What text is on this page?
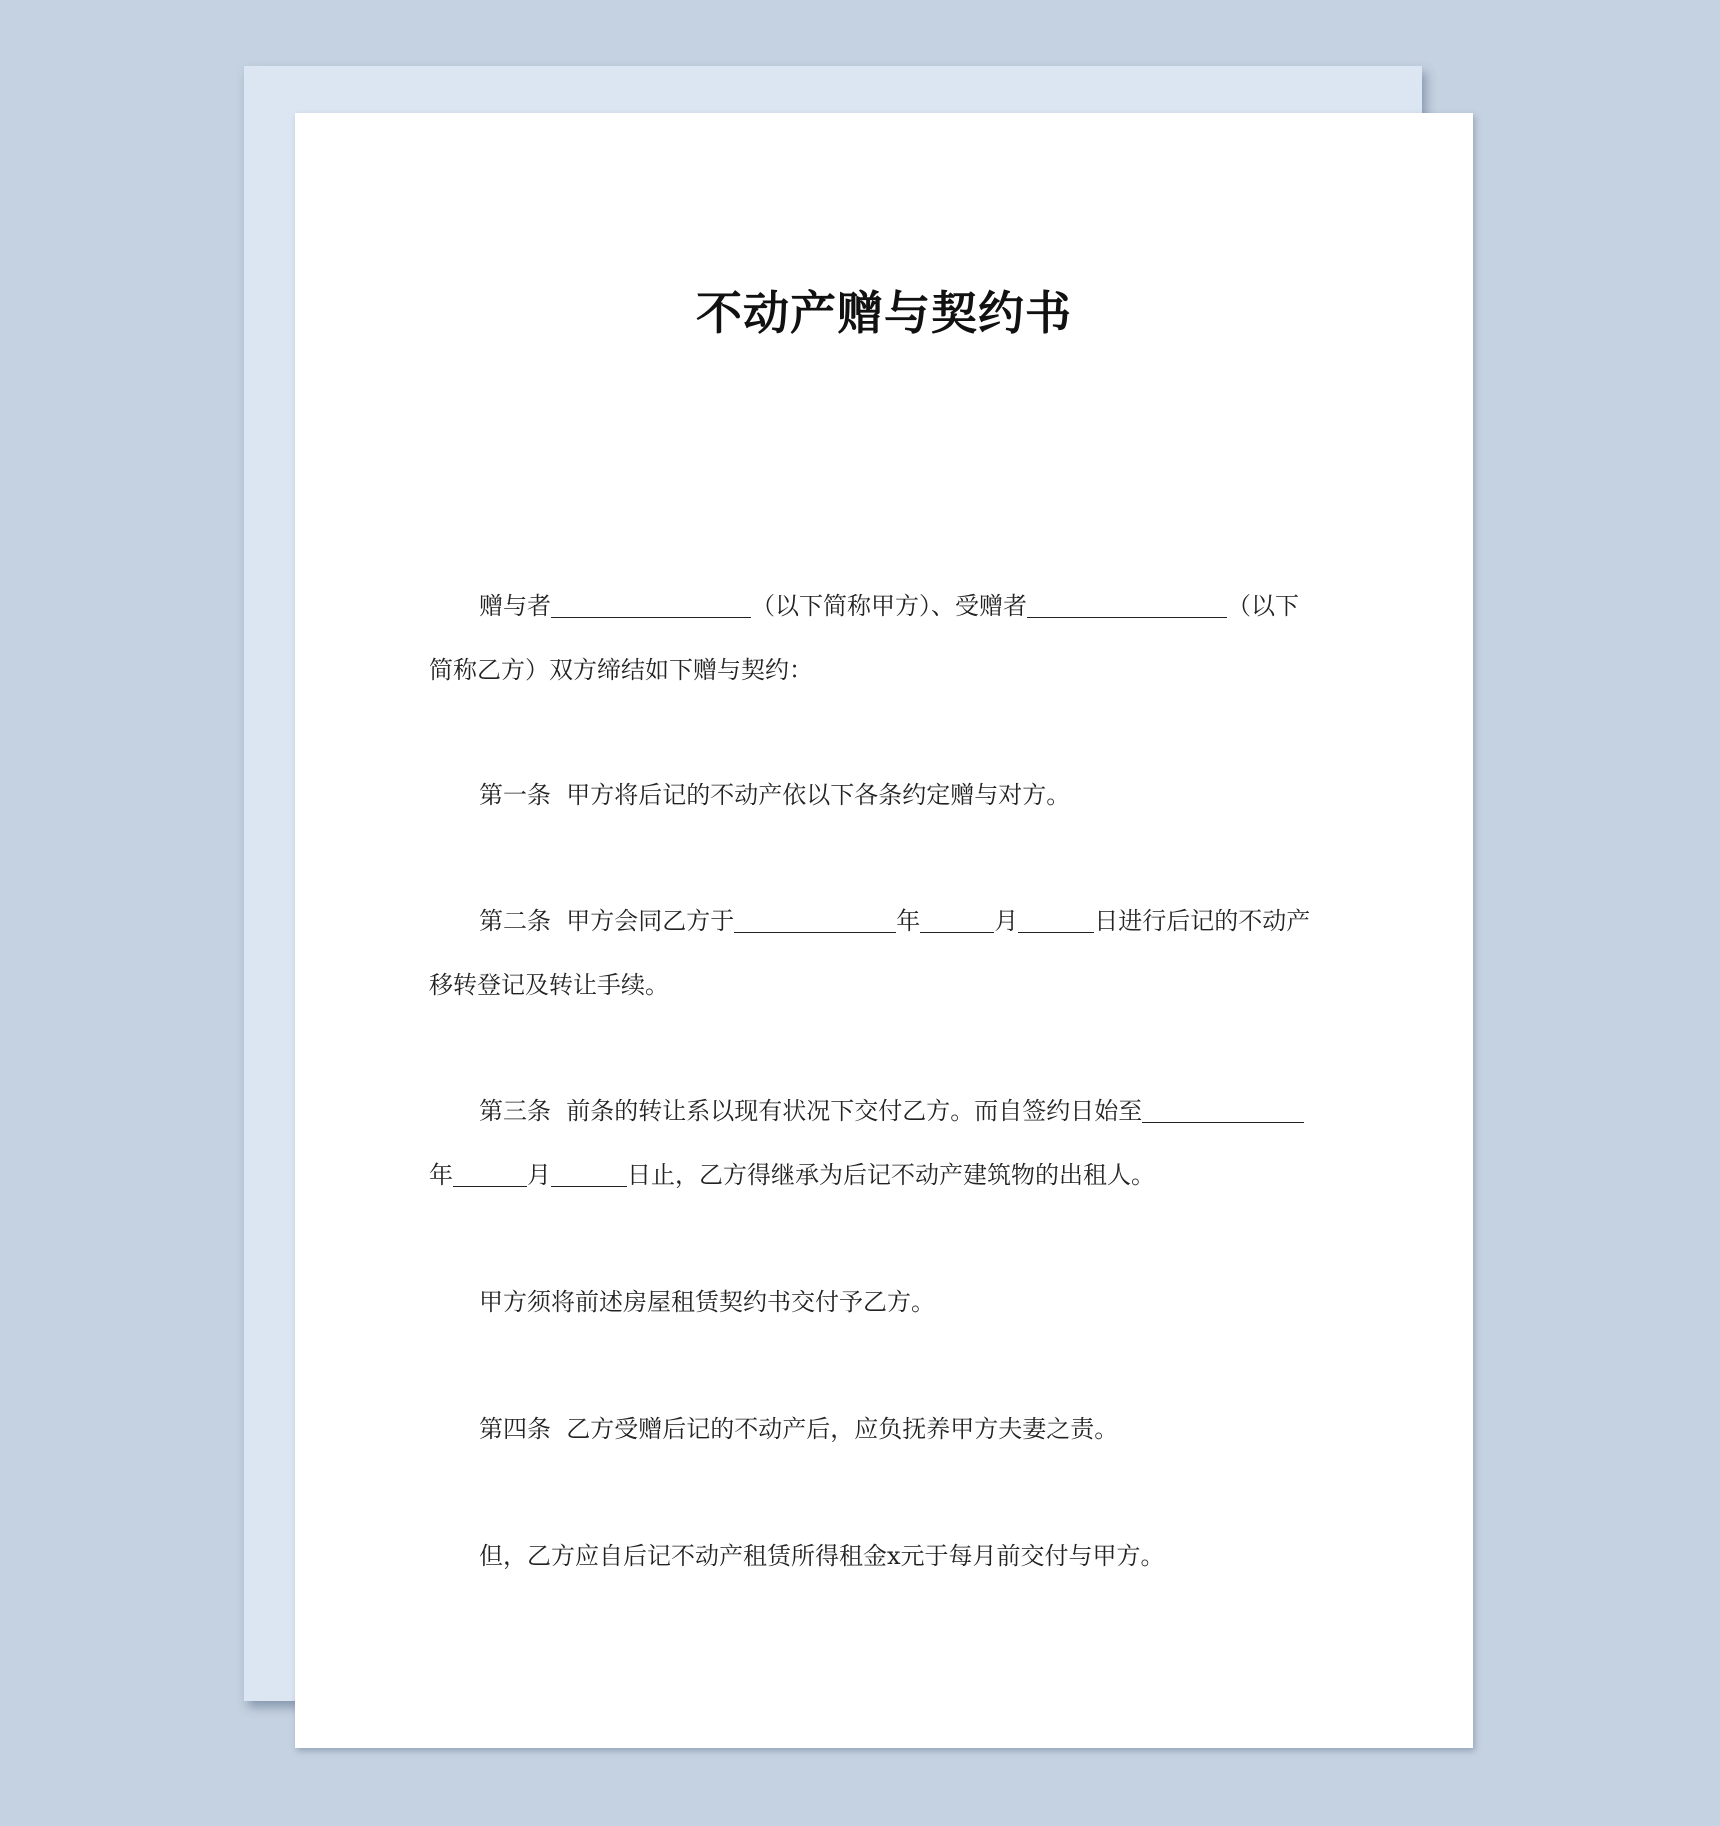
不动产赠与契约书
赠与者	（以下简称甲方）、受赠者	（以下
简称乙方）双方缔结如下赠与契约：
第一条 甲方将后记的不动产依以下各条约定赠与对方。
第二条 甲方会同乙方于	年	月	日进行后记的不动产
移转登记及转让手续。
第三条 前条的转让系以现有状况下交付乙方。而自签约日始至
年	月	日止，乙方得继承为后记不动产建筑物的出租人。
甲方须将前述房屋租赁契约书交付予乙方。
第四条 乙方受赠后记的不动产后，应负抚养甲方夫妻之责。
但，乙方应自后记不动产租赁所得租金x元于每月前交付与甲方。
